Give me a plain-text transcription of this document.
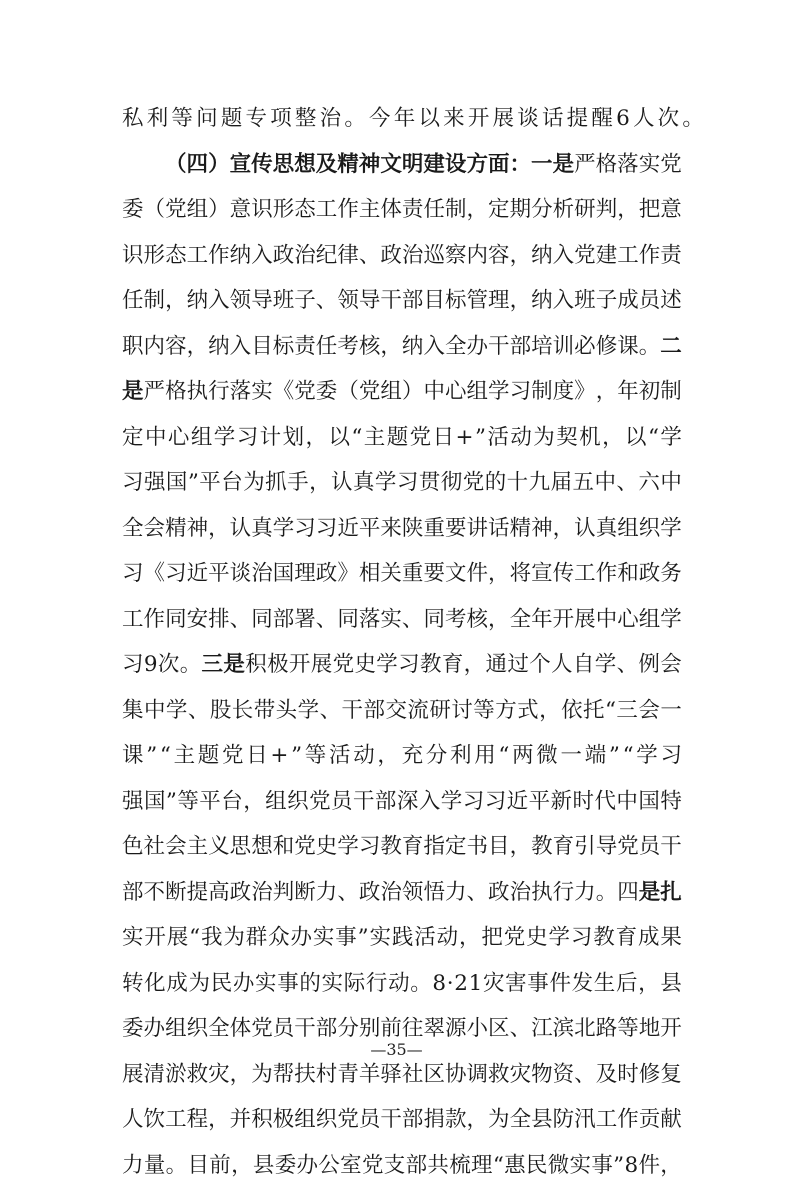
私 利 等 问 题 专 项 整 治 。 今 年 以 来 开 展 谈 话 提 醒 6 人 次 。
（ 四 ） 宣 传 思 想 及 精 神 文 明 建 设 方 面 ： 一 是 严 格 落 实 党
委 （ 党 组 ） 意 识 形 态 工 作 主 体 责 任 制 ， 定 期 分 析 研 判 ， 把 意
识 形 态 工 作 纳 入 政 治 纪 律 、 政 治 巡 察 内 容 ， 纳 入 党 建 工 作 责
任 制 ， 纳 入 领 导 班 子 、 领 导 干 部 目 标 管 理 ， 纳 入 班 子 成 员 述
职 内 容 ， 纳 入 目 标 责 任 考 核 ， 纳 入 全 办 干 部 培 训 必 修 课 。 二
是 严 格 执 行 落 实 《 党 委 （ 党 组 ） 中 心 组 学 习 制 度 》 ， 年 初 制
定 中 心 组 学 习 计 划 ， 以 “ 主 题 党 日 + ” 活 动 为 契 机 ， 以 “ 学
习 强 国 ” 平 台 为 抓 手 ， 认 真 学 习 贯 彻 党 的 十 九 届 五 中 、 六 中
全 会 精 神 ， 认 真 学 习 习 近 平 来 陕 重 要 讲 话 精 神 ， 认 真 组 织 学
习 《 习 近 平 谈 治 国 理 政 》 相 关 重 要 文 件 ， 将 宣 传 工 作 和 政 务
工 作 同 安 排 、 同 部 署 、 同 落 实 、 同 考 核 ， 全 年 开 展 中 心 组 学
习 9 次 。 三 是 积 极 开 展 党 史 学 习 教 育 ， 通 过 个 人 自 学 、 例 会
集 中 学 、 股 长 带 头 学 、 干 部 交 流 研 讨 等 方 式 ， 依 托 “ 三 会 一
课 ” “ 主 题 党 日 + ” 等 活 动 ， 充 分 利 用 “ 两 微 一 端 ” “ 学 习
强 国 ” 等 平 台 ， 组 织 党 员 干 部 深 入 学 习 习 近 平 新 时 代 中 国 特
色 社 会 主 义 思 想 和 党 史 学 习 教 育 指 定 书 目 ， 教 育 引 导 党 员 干
部 不 断 提 高 政 治 判 断 力 、 政 治 领 悟 力 、 政 治 执 行 力 。 四 是 扎
实 开 展 “ 我 为 群 众 办 实 事 ” 实 践 活 动 ， 把 党 史 学 习 教 育 成 果
转 化 成 为 民 办 实 事 的 实 际 行 动 。 8 · 2 1 灾 害 事 件 发 生 后 ， 县
委 办 组 织 全 体 党 员 干 部 分 别 前 往 翠 源 小 区 、 江 滨 北 路 等 地 开
展 清 淤 救 灾 ， 为 帮 扶 村 青 羊 驿 社 区 协 调 救 灾 物 资 、 及 时 修 复
人 饮 工 程 ， 并 积 极 组 织 党 员 干 部 捐 款 ， 为 全 县 防 汛 工 作 贡 献
力 量 。 目 前 ， 县 委 办 公 室 党 支 部 共 梳 理 “ 惠 民 微 实 事 ” 8 件 ，
—35—
